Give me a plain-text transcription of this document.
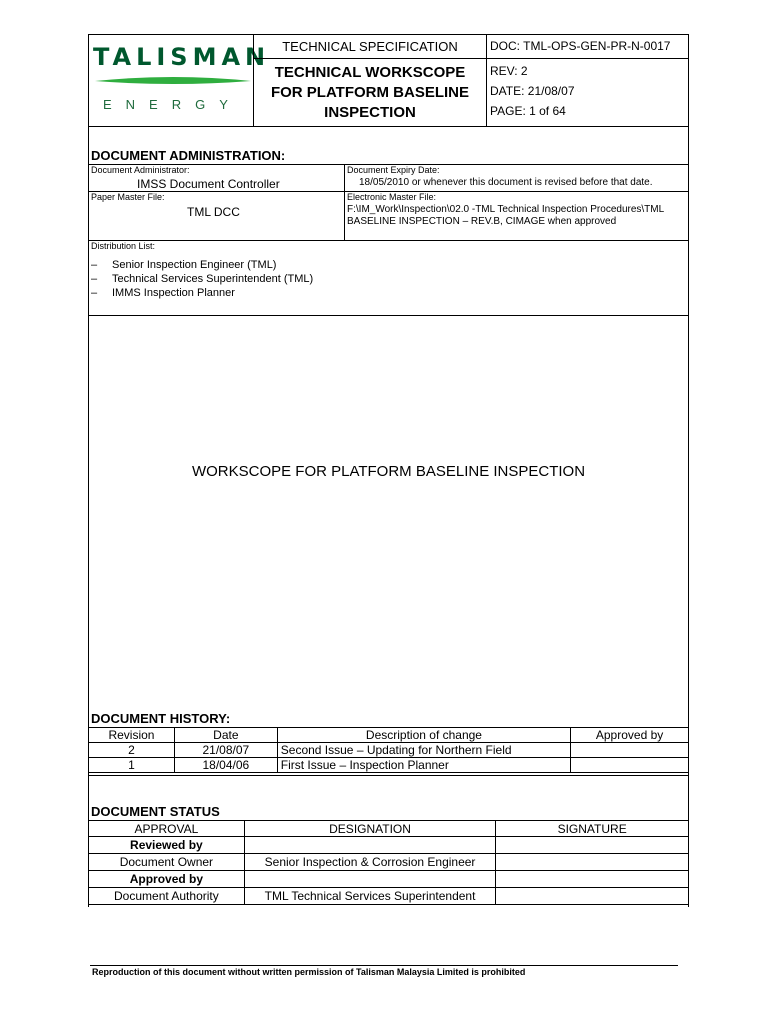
TALISMAN
ENERGY
TECHNICAL SPECIFICATION
TECHNICAL WORKSCOPE FOR PLATFORM BASELINE INSPECTION
DOC: TML-OPS-GEN-PR-N-0017
REV: 2
DATE: 21/08/07
PAGE: 1 of 64
DOCUMENT ADMINISTRATION:
Document Administrator:
IMSS Document Controller
Document Expiry Date:
18/05/2010 or whenever this document is revised before that date.
Paper Master File:
TML DCC
Electronic Master File:
F:\IM_Work\Inspection\02.0 -TML Technical Inspection Procedures\TML BASELINE INSPECTION – REV.B, CIMAGE when approved
Distribution List:
– Senior Inspection Engineer (TML)
– Technical Services Superintendent (TML)
– IMMS Inspection Planner
WORKSCOPE FOR PLATFORM BASELINE INSPECTION
DOCUMENT HISTORY:
Revision	Date	Description of change	Approved by
2	21/08/07	Second Issue – Updating for Northern Field	
1	18/04/06	First Issue – Inspection Planner	
DOCUMENT STATUS
APPROVAL	DESIGNATION	SIGNATURE
Reviewed by		
Document Owner	Senior Inspection & Corrosion Engineer	
Approved by		
Document Authority	TML Technical Services Superintendent	
Reproduction of this document without written permission of Talisman Malaysia Limited is prohibited
